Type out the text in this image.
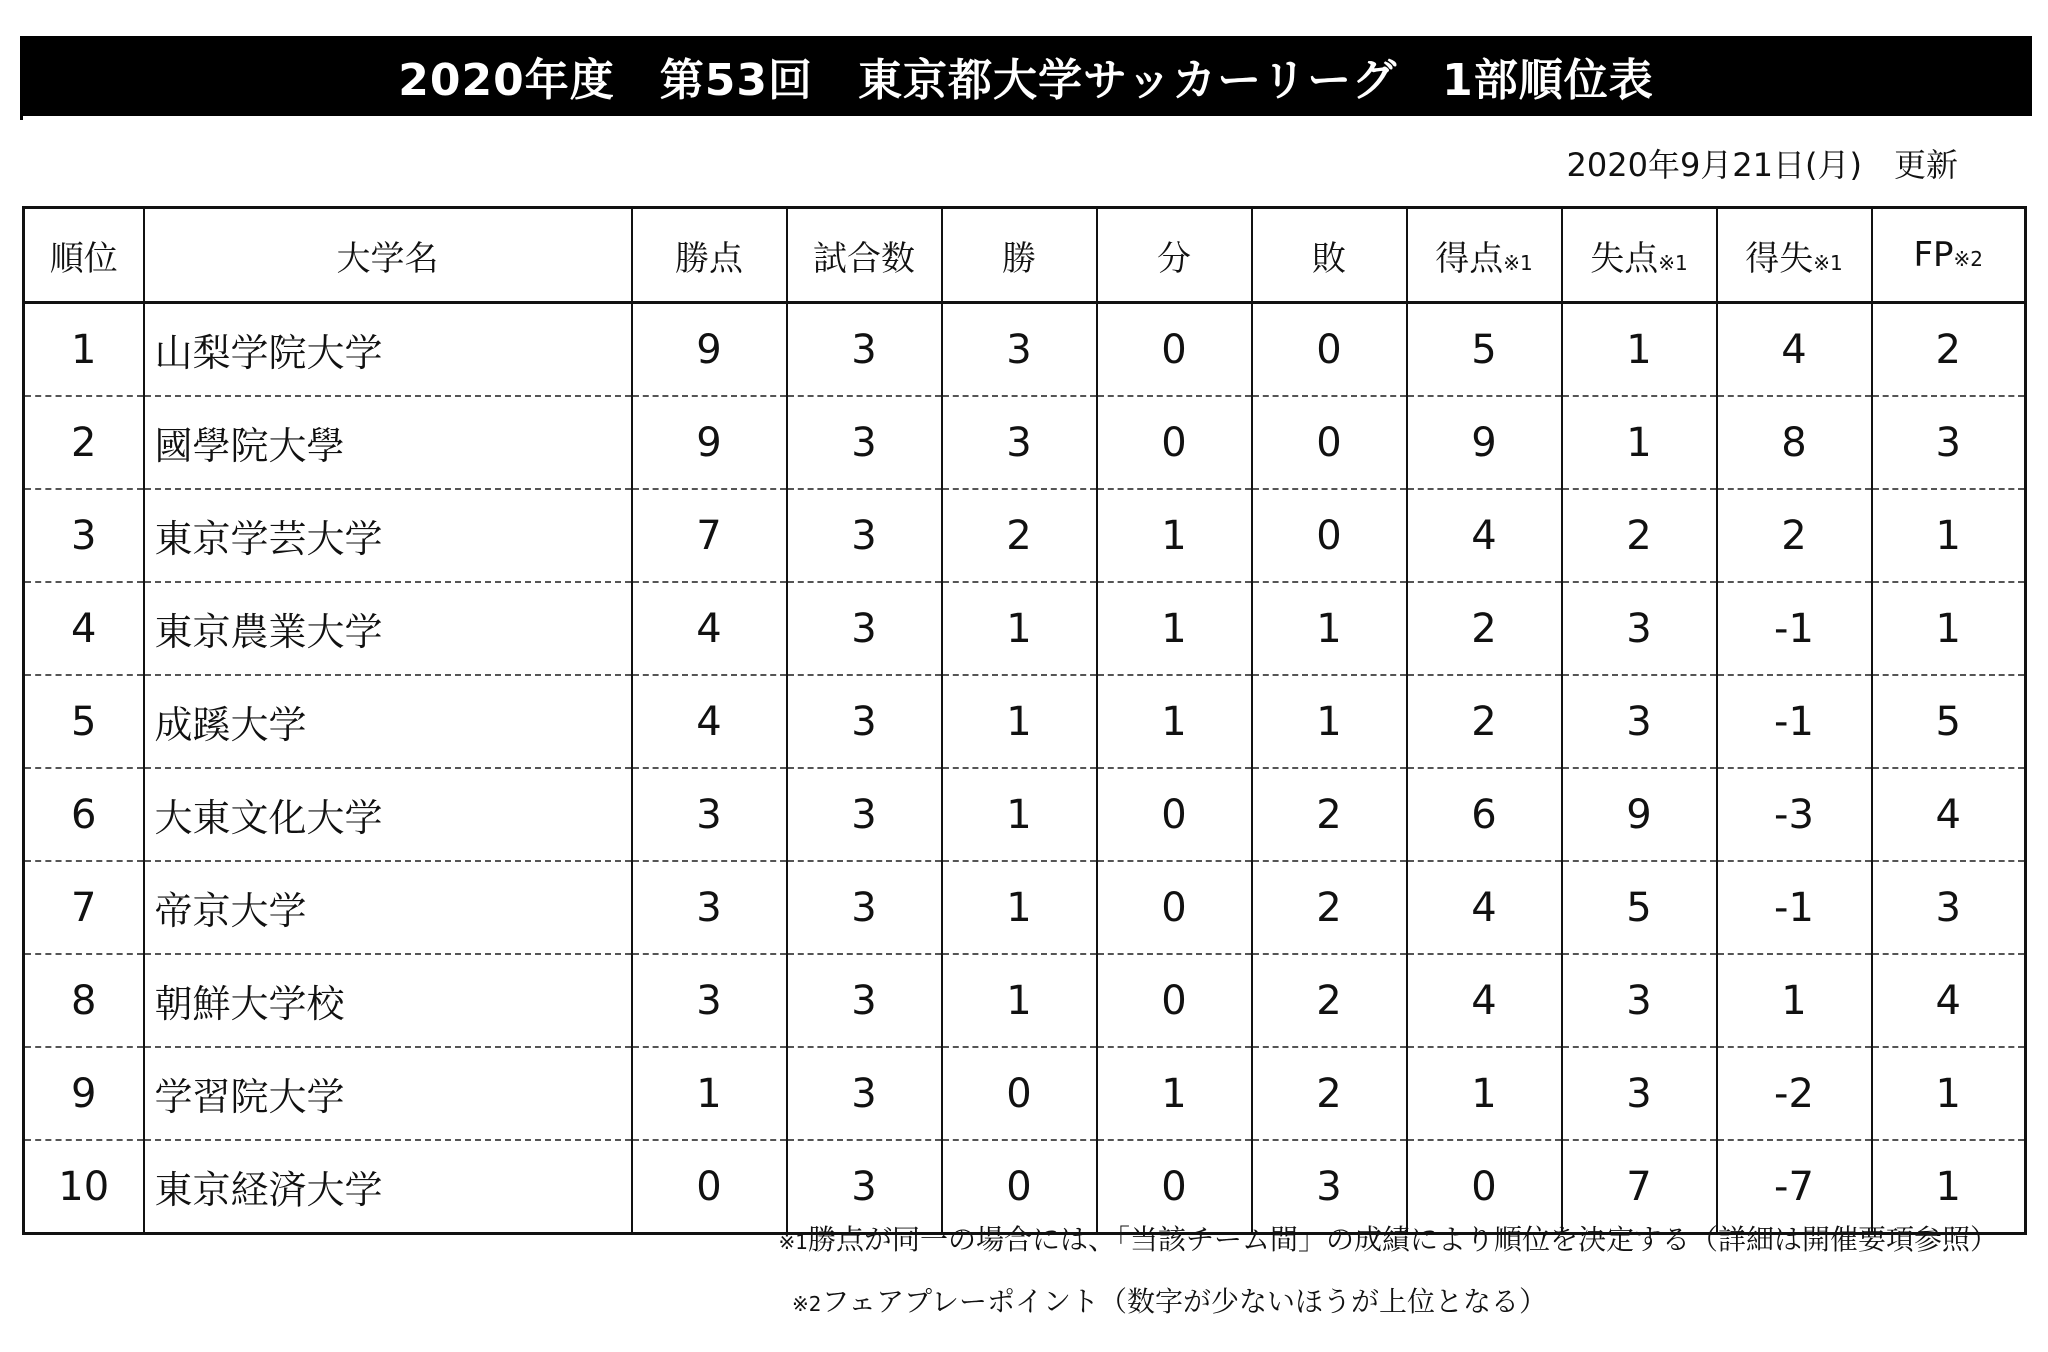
2020年度　第53回　東京都大学サッカーリーグ　1部順位表
2020年9月21日(月)　更新
順位	大学名	勝点	試合数	勝	分	敗	得点※1	失点※1	得失※1	FP※2
1	山梨学院大学	9	3	3	0	0	5	1	4	2
2	國學院大學	9	3	3	0	0	9	1	8	3
3	東京学芸大学	7	3	2	1	0	4	2	2	1
4	東京農業大学	4	3	1	1	1	2	3	-1	1
5	成蹊大学	4	3	1	1	1	2	3	-1	5
6	大東文化大学	3	3	1	0	2	6	9	-3	4
7	帝京大学	3	3	1	0	2	4	5	-1	3
8	朝鮮大学校	3	3	1	0	2	4	3	1	4
9	学習院大学	1	3	0	1	2	1	3	-2	1
10	東京経済大学	0	3	0	0	3	0	7	-7	1
※1勝点が同一の場合には、「当該チーム間」の成績により順位を決定する（詳細は開催要項参照）
※2フェアプレーポイント（数字が少ないほうが上位となる）
